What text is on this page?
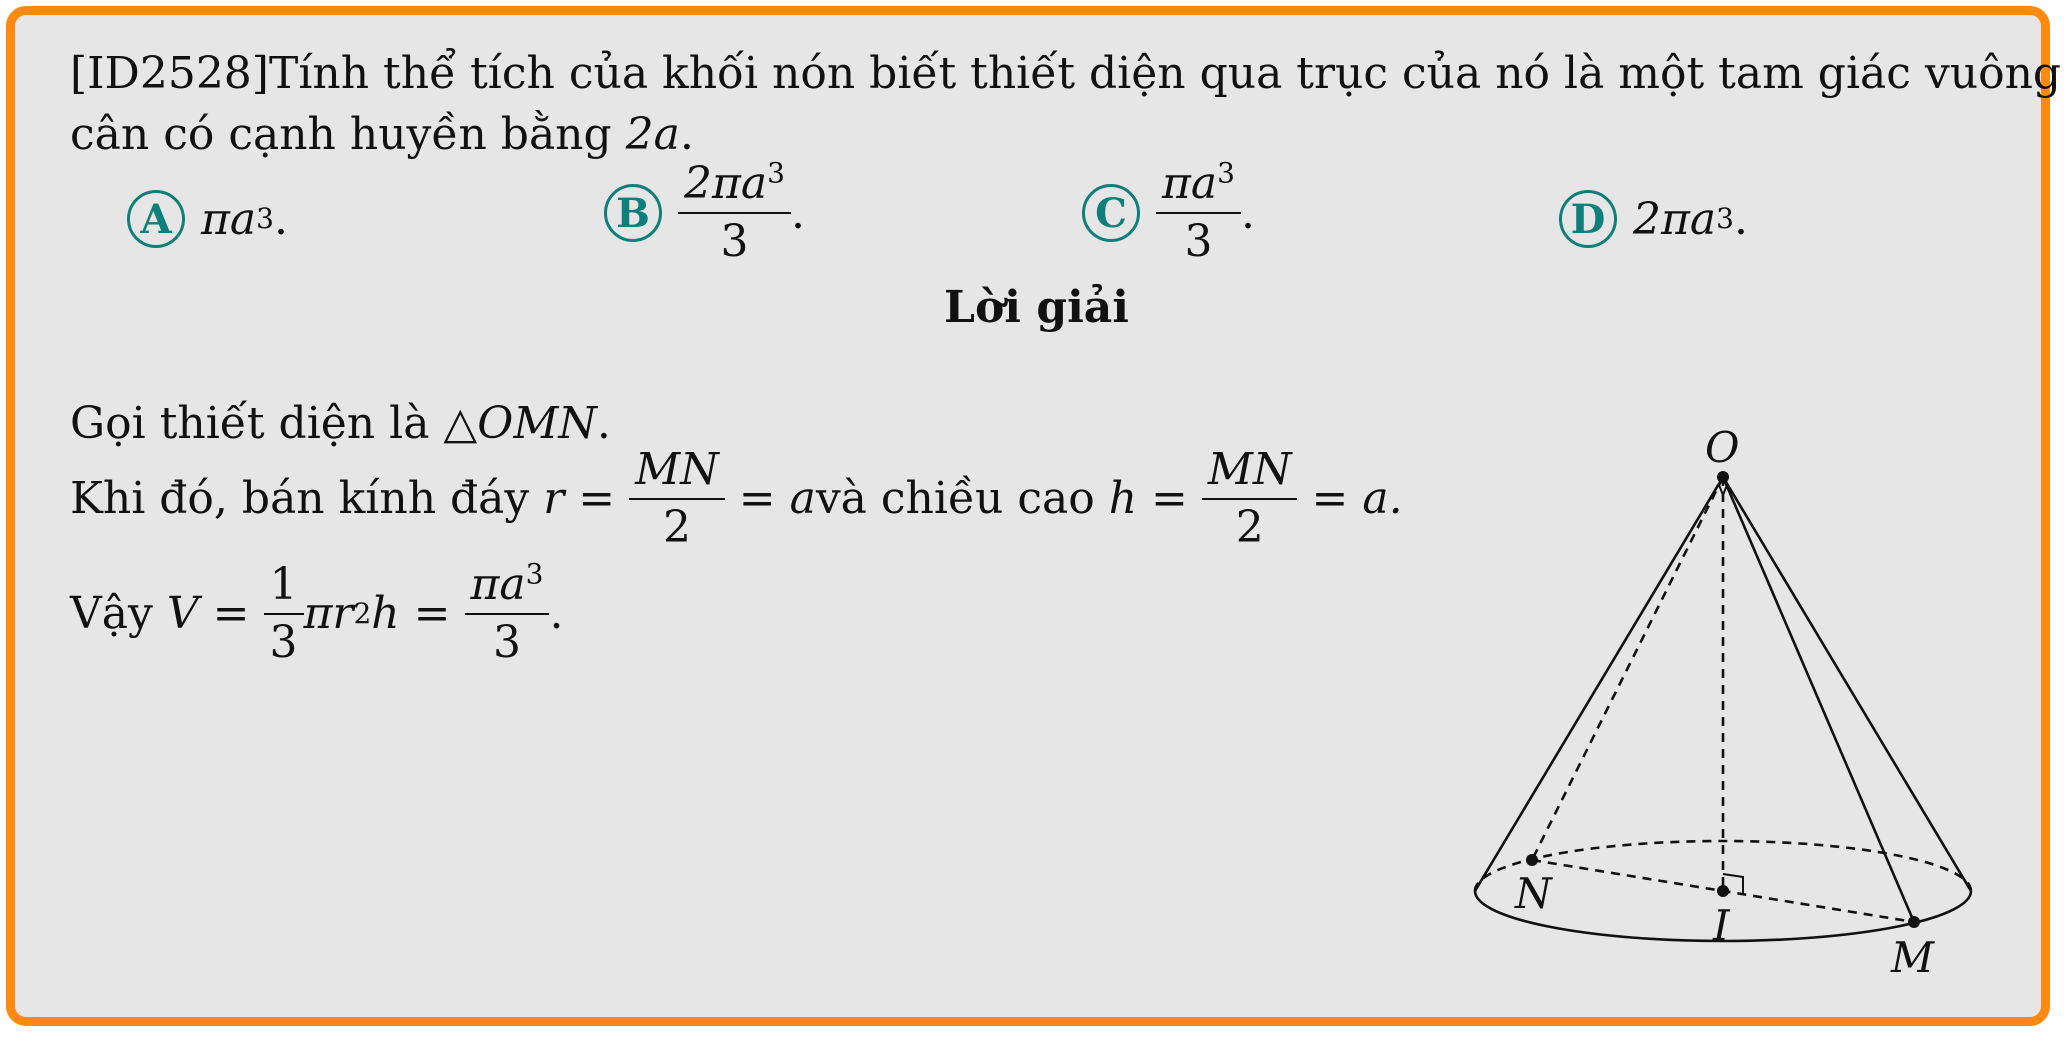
[ID2528]Tính thể tích của khối nón biết thiết diện qua trục của nó là một tam giác vuông
cân có cạnh huyền bằng 2a.
A πa 3 .	B $\frac{2\pi a^3}{3}$ .	C $\frac{\pi a^3}{3}$ .	D 2πa 3 .
Lời giải
Gọi thiết diện là △OMN.
Khi đó, bán kính đáy
r =
$\frac{MN}{2}$
= a và chiều cao
h =
$\frac{MN}{2}$
= a.
Vậy
V =
$\frac{1}{3}$ πr 2 h =
$\frac{\pi a^3}{3}$ .
O
N
I
M
